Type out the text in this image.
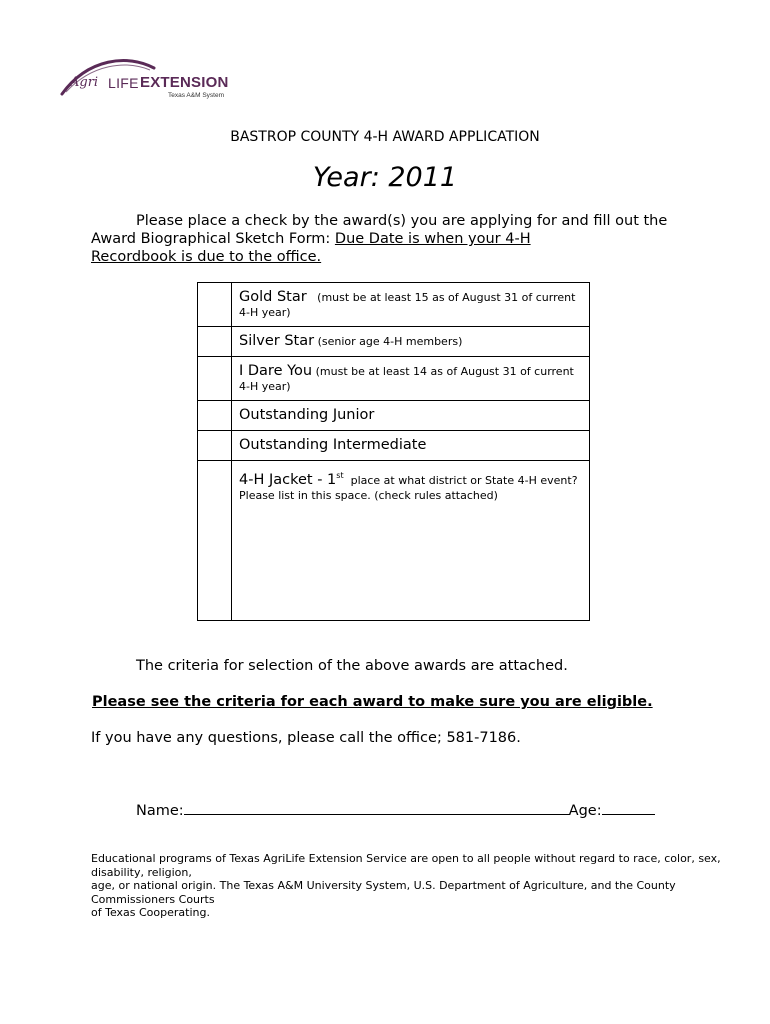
Agri LIFE EXTENSION
Texas A&M System
BASTROP COUNTY 4-H AWARD APPLICATION
Year: 2011
Please place a check by the award(s) you are applying for and fill out the Award Biographical Sketch Form: Due Date is when your 4-H
Recordbook is due to the office.
	Gold Star   (must be at least 15 as of August 31 of current 4-H year)
	Silver Star (senior age 4-H members)
	I Dare You (must be at least 14 as of August 31 of current 4-H year)
	Outstanding Junior
	Outstanding Intermediate
	4-H Jacket - 1st  place at what district or State 4-H event? Please list in this space. (check rules attached)
The criteria for selection of the above awards are attached.
Please see the criteria for each award to make sure you are eligible.
If you have any questions, please call the office; 581-7186.
Name:	Age:
Educational programs of Texas AgriLife Extension Service are open to all people without regard to race, color, sex, disability, religion,
age, or national origin. The Texas A&M University System, U.S. Department of Agriculture, and the County Commissioners Courts
of Texas Cooperating.
